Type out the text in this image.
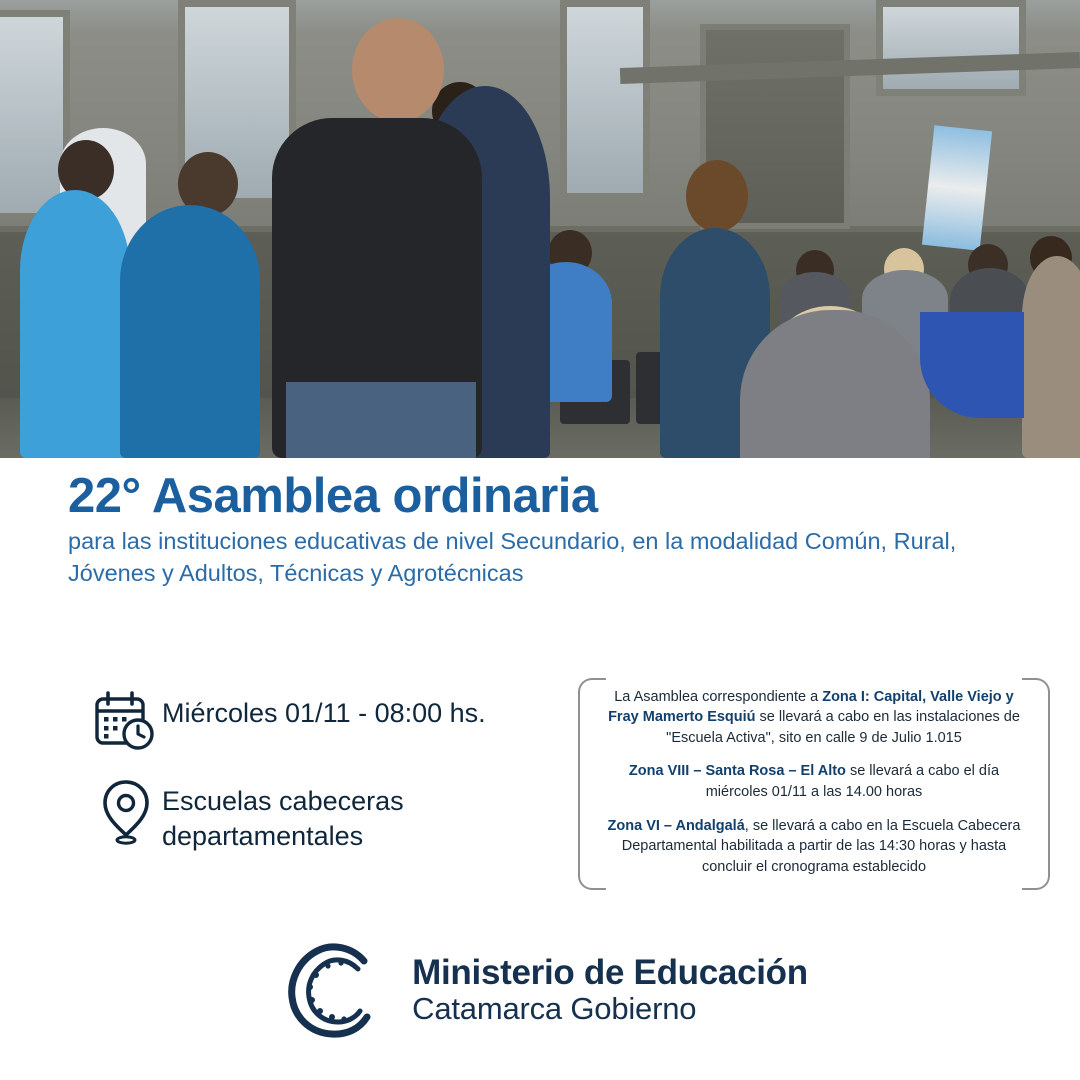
22° Asamblea ordinaria

para las instituciones educativas de nivel Secundario, en la modalidad Común, Rural, Jóvenes y Adultos, Técnicas y Agrotécnicas

Miércoles 01/11 - 08:00 hs.
Escuelas cabeceras departamentales

La Asamblea correspondiente a Zona I: Capital, Valle Viejo y Fray Mamerto Esquiú se llevará a cabo en las instalaciones de "Escuela Activa", sito en calle 9 de Julio 1.015

Zona VIII – Santa Rosa – El Alto se llevará a cabo el día miércoles 01/11 a las 14.00 horas

Zona VI – Andalgalá, se llevará a cabo en la Escuela Cabecera Departamental habilitada a partir de las 14:30 horas y hasta concluir el cronograma establecido

Ministerio de Educación
Catamarca Gobierno
